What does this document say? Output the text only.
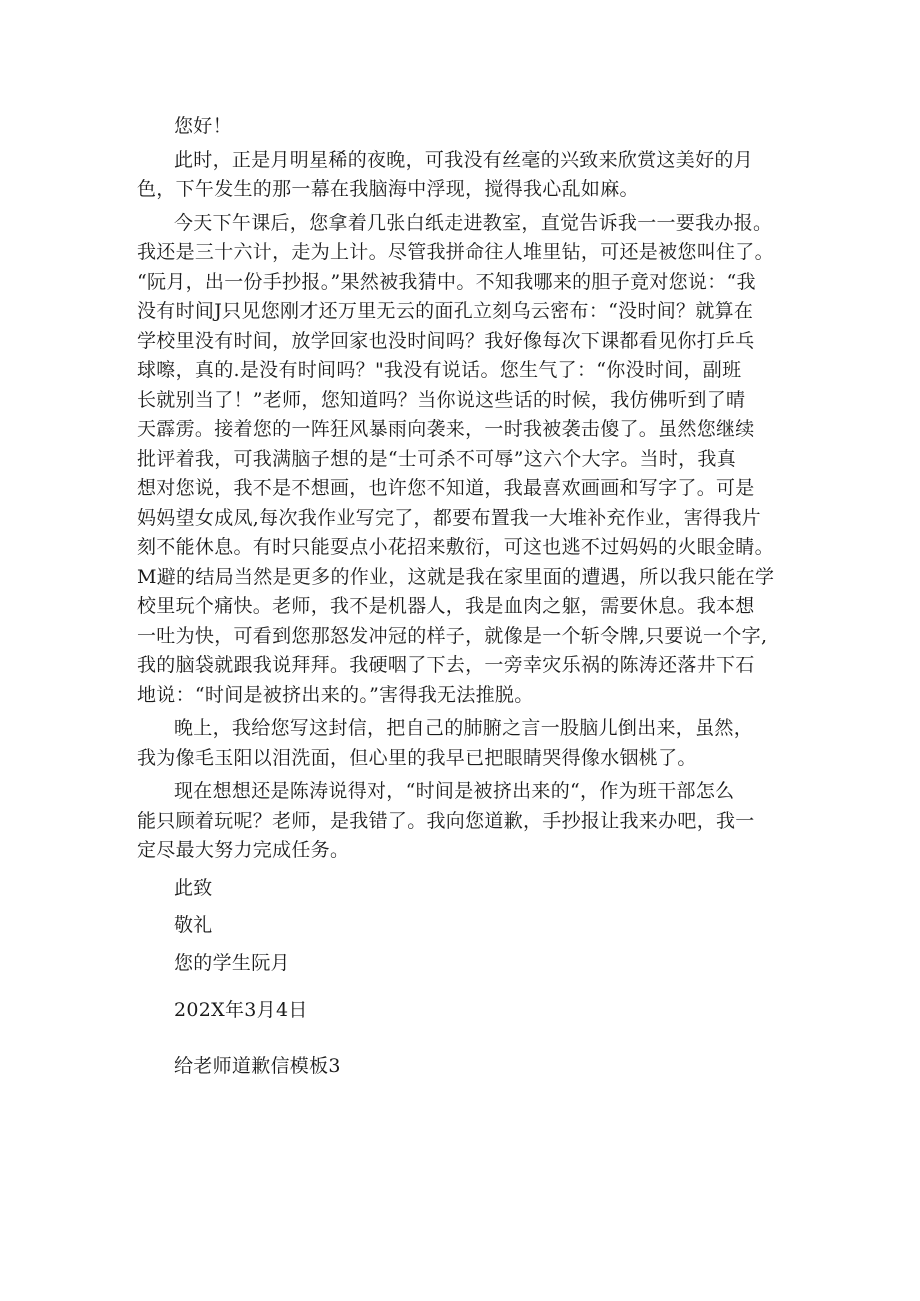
您好！
此时，正是月明星稀的夜晚，可我没有丝毫的兴致来欣赏这美好的月
色，下午发生的那一幕在我脑海中浮现，搅得我心乱如麻。
今天下午课后，您拿着几张白纸走进教室，直觉告诉我一一要我办报。
我还是三十六计，走为上计。尽管我拼命往人堆里钻，可还是被您叫住了。
“阮月，出一份手抄报。”果然被我猜中。不知我哪来的胆子竟对您说：“我
没有时间J只见您刚才还万里无云的面孔立刻乌云密布：“没时间？就算在
学校里没有时间，放学回家也没时间吗？我好像每次下课都看见你打乒乓
球嚓，真的.是没有时间吗？"我没有说话。您生气了：“你没时间，副班
长就别当了！”老师，您知道吗？当你说这些话的时候，我仿佛听到了晴
天霹雳。接着您的一阵狂风暴雨向袭来，一时我被袭击傻了。虽然您继续
批评着我，可我满脑子想的是“士可杀不可辱”这六个大字。当时，我真
想对您说，我不是不想画，也许您不知道，我最喜欢画画和写字了。可是
妈妈望女成凤,每次我作业写完了，都要布置我一大堆补充作业，害得我片
刻不能休息。有时只能耍点小花招来敷衍，可这也逃不过妈妈的火眼金睛。
M避的结局当然是更多的作业，这就是我在家里面的遭遇，所以我只能在学
校里玩个痛快。老师，我不是机器人，我是血肉之躯，需要休息。我本想
一吐为快，可看到您那怒发冲冠的样子，就像是一个斩令牌,只要说一个字,
我的脑袋就跟我说拜拜。我硬咽了下去，一旁幸灾乐祸的陈涛还落井下石
地说：“时间是被挤出来的。”害得我无法推脱。
晚上，我给您写这封信，把自己的肺腑之言一股脑儿倒出来，虽然，
我为像毛玉阳以泪洗面，但心里的我早已把眼睛哭得像水铟桃了。
现在想想还是陈涛说得对，“时间是被挤出来的“，作为班干部怎么
能只顾着玩呢？老师，是我错了。我向您道歉，手抄报让我来办吧，我一
定尽最大努力完成任务。
此致
敬礼
您的学生阮月
202X年3月4日
给老师道歉信模板3
